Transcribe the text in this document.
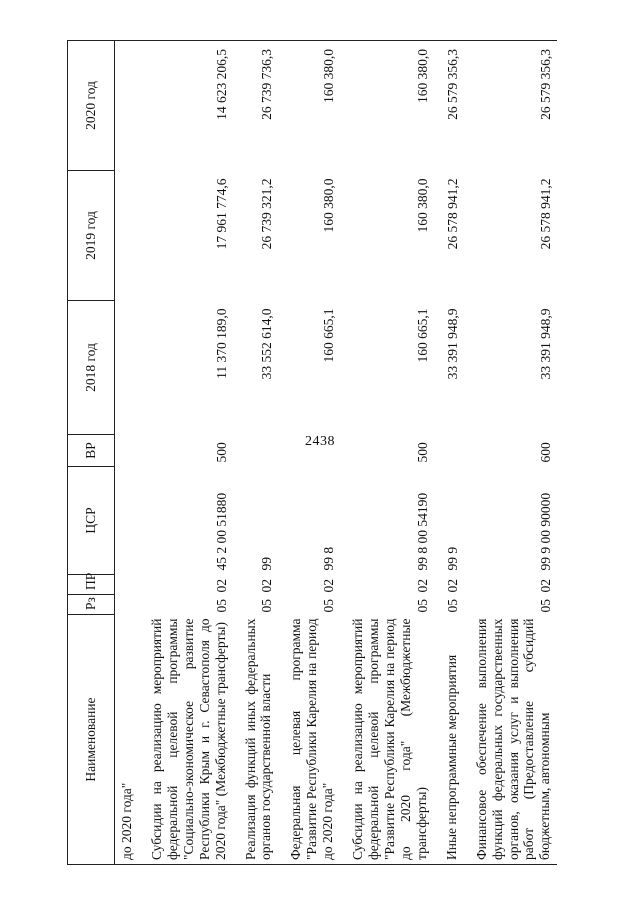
2438
Наименование	Рз	ПР	ЦСР	ВР	2018 год	2019 год	2020 год
до 2020 года"							
Субсидии на реализацию мероприятий федеральной целевой программы "Социально-экономическое развитие Республики Крым и г. Севастополя до 2020 года" (Межбюджетные трансферты)	05	02	45 2 00 51880	500	11 370 189,0	17 961 774,6	14 623 206,5
Реализация функций иных федеральных органов государственной власти	05	02	99		33 552 614,0	26 739 321,2	26 739 736,3
Федеральная целевая программа "Развитие Республики Карелия на период до 2020 года"	05	02	99 8		160 665,1	160 380,0	160 380,0
Субсидии на реализацию мероприятий федеральной целевой программы "Развитие Республики Карелия на период до 2020 года" (Межбюджетные трансферты)	05	02	99 8 00 54190	500	160 665,1	160 380,0	160 380,0
Иные непрограммные мероприятия	05	02	99 9		33 391 948,9	26 578 941,2	26 579 356,3
Финансовое обеспечение выполнения функций федеральных государственных органов, оказания услуг и выполнения работ (Предоставление субсидий бюджетным, автономным	05	02	99 9 00 90000	600	33 391 948,9	26 578 941,2	26 579 356,3
